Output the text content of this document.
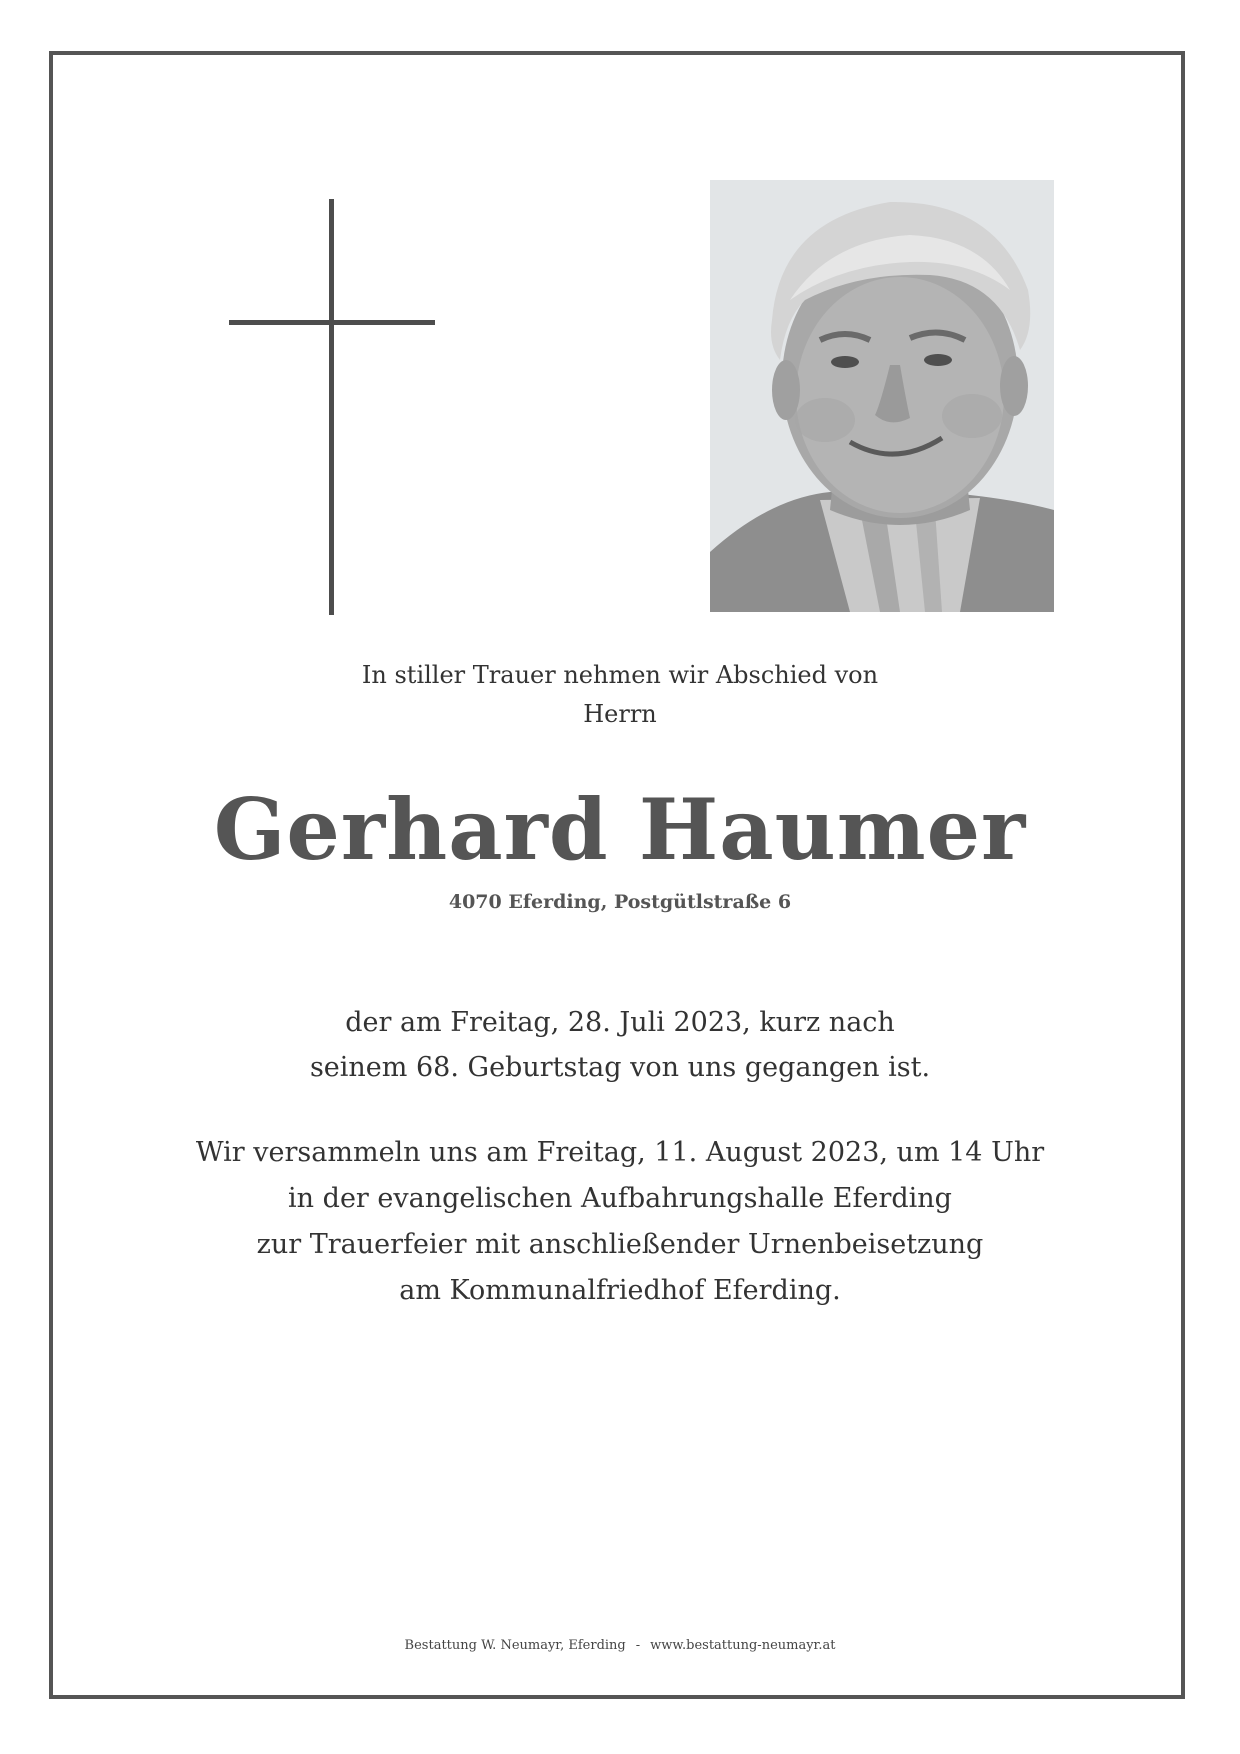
In stiller Trauer nehmen wir Abschied von
Herrn
Gerhard Haumer
4070 Eferding, Postgütlstraße 6
der am Freitag, 28. Juli 2023, kurz nach
seinem 68. Geburtstag von uns gegangen ist.
Wir versammeln uns am Freitag, 11. August 2023, um 14 Uhr
in der evangelischen Aufbahrungshalle Eferding
zur Trauerfeier mit anschließender Urnenbeisetzung
am Kommunalfriedhof Eferding.
Bestattung W. Neumayr, Eferding - www.bestattung-neumayr.at
